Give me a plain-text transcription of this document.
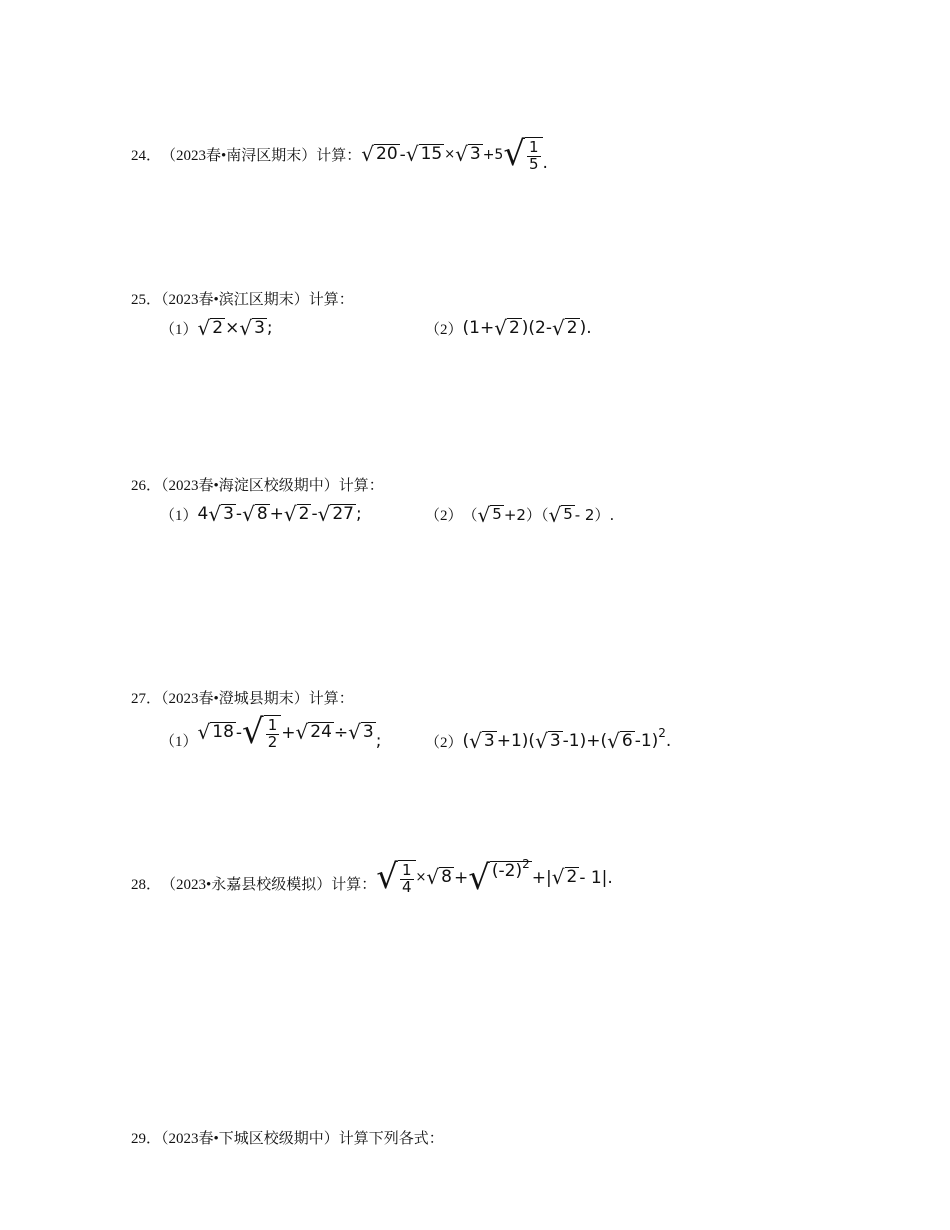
24． （2023春•南浔区期末）计算： √ 20 - √ 15 × √ 3 +5 √ $\frac{1}{5}$ .
25．（2023春•滨江区期末）计算：
（1） √ 2 × √ 3 ;	（2） (1+ √ 2 )(2- √ 2 ) .
26．（2023春•海淀区校级期中）计算：
（1） 4 √ 3 - √ 8 + √ 2 - √ 27 ;	（2） （ √ 5 +2）（ √ 5 - 2） .
27．（2023春•澄城县期末）计算：
（1） √ 18 - √ $\frac{1}{2}$ + √ 24 ÷ √ 3 ;	（2） ( √ 3 +1)( √ 3 -1)+( √ 6 -1) 2 .
28． （2023•永嘉县校级模拟）计算： √ $\frac{1}{4}$ × √ 8 + √ $(-2)^2$
+| √ 2 - 1| .
29．（2023春•下城区校级期中）计算下列各式：
